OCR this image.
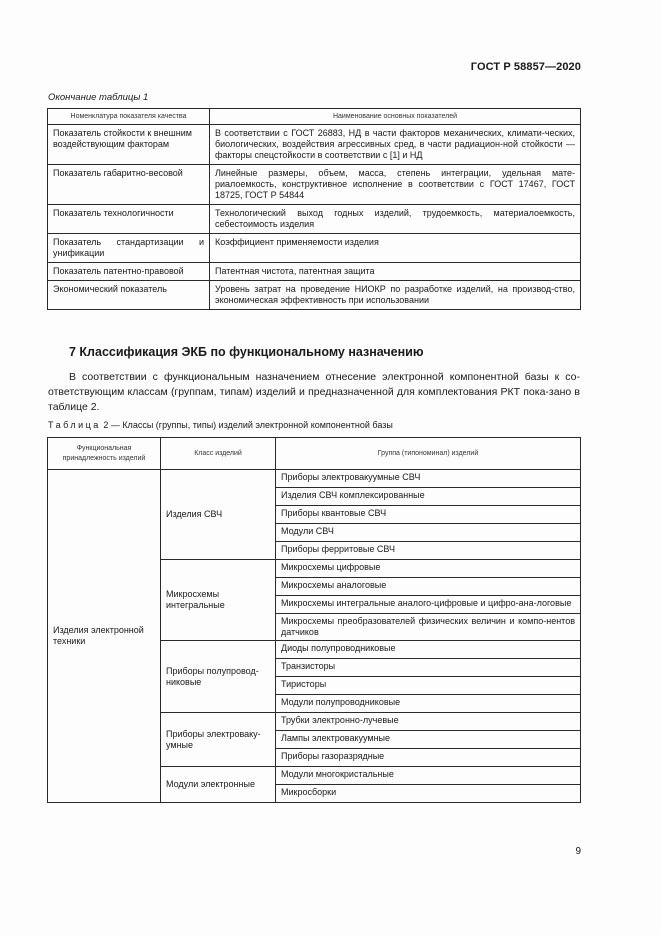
ГОСТ Р 58857—2020
Окончание таблицы 1
Номенклатура показателя качества	Наименование основных показателей
Показатель стойкости к внешним воздействующим факторам	В соответствии с ГОСТ 26883, НД в части факторов механических, климати-ческих, биологических, воздействия агрессивных сред, в части радиацион-ной стойкости — факторы спецстойкости в соответствии с [1] и НД
Показатель габаритно-весовой	Линейные размеры, объем, масса, степень интеграции, удельная мате-риалоемкость, конструктивное исполнение в соответствии с ГОСТ 17467, ГОСТ 18725, ГОСТ Р 54844
Показатель технологичности	Технологический выход годных изделий, трудоемкость, материалоемкость, себестоимость изделия
Показатель стандартизации и унификации	Коэффициент применяемости изделия
Показатель патентно-правовой	Патентная чистота, патентная защита
Экономический показатель	Уровень затрат на проведение НИОКР по разработке изделий, на производ-ство, экономическая эффективность при использовании
7 Классификация ЭКБ по функциональному назначению
В соответствии с функциональным назначением отнесение электронной компонентной базы к со-ответствующим классам (группам, типам) изделий и предназначенной для комплектования РКТ пока-зано в таблице 2.
Таблица 2 — Классы (группы, типы) изделий электронной компонентной базы
Функциональная принадлежность изделий	Класс изделий	Группа (типономинал) изделий
Изделия электронной техники	Изделия СВЧ	Приборы электровакуумные СВЧ
		Изделия СВЧ комплексированные
		Приборы квантовые СВЧ
		Модули СВЧ
		Приборы ферритовые СВЧ
	Микросхемы интегральные	Микросхемы цифровые
		Микросхемы аналоговые
		Микросхемы интегральные аналого-цифровые и цифро-ана-логовые
		Микросхемы преобразователей физических величин и компо-нентов датчиков
	Приборы полупровод-никовые	Диоды полупроводниковые
		Транзисторы
		Тиристоры
		Модули полупроводниковые
	Приборы электроваку-умные	Трубки электронно-лучевые
		Лампы электровакуумные
		Приборы газоразрядные
	Модули электронные	Модули многокристальные
		Микросборки
9
